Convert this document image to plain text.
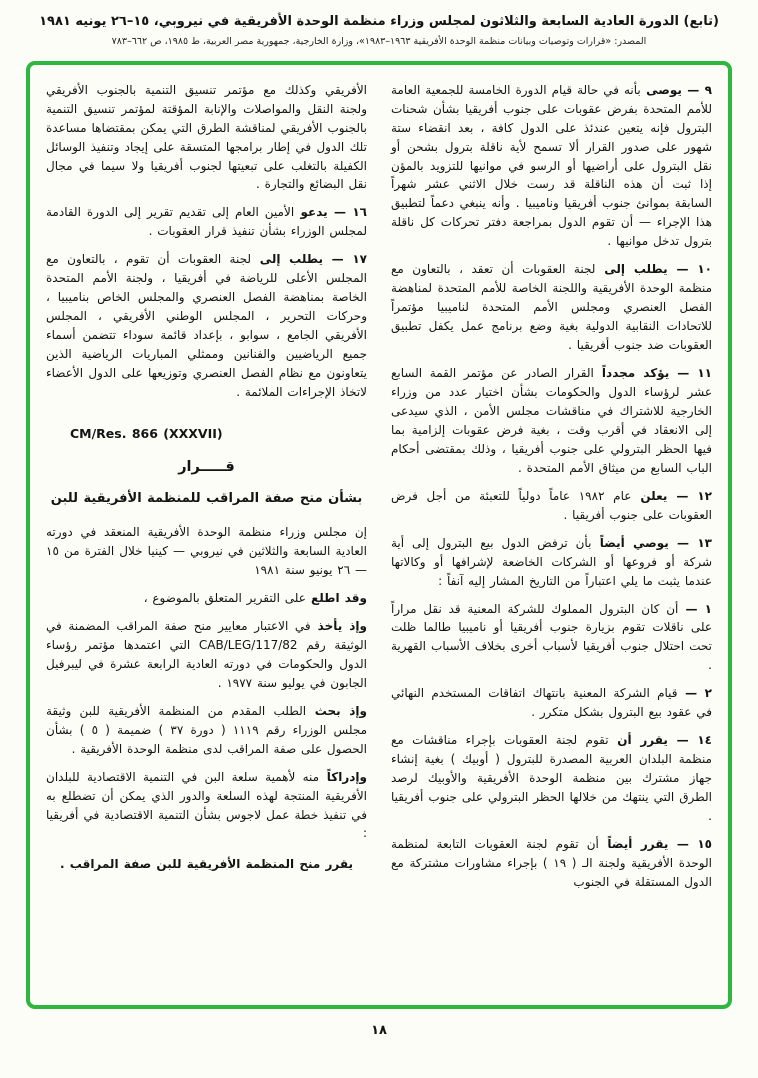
(تابع) الدورة العادية السابعة والثلاثون لمجلس وزراء منظمة الوحدة الأفريقية في نيروبي، ١٥–٢٦ يونيه ١٩٨١
المصدر: «قرارات وتوصيات وبيانات منظمة الوحدة الأفريقية ١٩٦٣–١٩٨٣»، وزارة الخارجية، جمهورية مصر العربية، ط ١٩٨٥، ص ٦٦٢–٧٨٣

٩ — يوصى بأنه في حالة قيام الدورة الخامسة للجمعية العامة للأمم المتحدة بفرض عقوبات على جنوب أفريقيا بشأن شحنات البترول فإنه يتعين عندئذ على الدول كافة ، بعد انقضاء ستة شهور على صدور القرار ألا تسمح لأية ناقلة بترول بشحن أو نقل البترول على أراضيها أو الرسو في موانيها للتزويد بالمؤن إذا ثبت أن هذه الناقلة قد رست خلال الاثني عشر شهراً السابقة بموانئ جنوب أفريقيا وناميبيا . وأنه ينبغي دعماً لتطبيق هذا الإجراء — أن تقوم الدول بمراجعة دفتر تحركات كل ناقلة بترول تدخل موانيها .

١٠ — يطلب إلى لجنة العقوبات أن تعقد ، بالتعاون مع منظمة الوحدة الأفريقية واللجنة الخاصة للأمم المتحدة لمناهضة الفصل العنصري ومجلس الأمم المتحدة لناميبيا مؤتمراً للاتحادات النقابية الدولية بغية وضع برنامج عمل يكفل تطبيق العقوبات ضد جنوب أفريقيا .

١١ — يؤكد مجدداً القرار الصادر عن مؤتمر القمة السابع عشر لرؤساء الدول والحكومات بشأن اختيار عدد من وزراء الخارجية للاشتراك في مناقشات مجلس الأمن ، الذي سيدعى إلى الانعقاد في أقرب وقت ، بغية فرض عقوبات إلزامية بما فيها الحظر البترولي على جنوب أفريقيا ، وذلك بمقتضى أحكام الباب السابع من ميثاق الأمم المتحدة .

١٢ — يعلن عام ١٩٨٢ عاماً دولياً للتعبئة من أجل فرض العقوبات على جنوب أفريقيا .

١٣ — يوصي أيضاً بأن ترفض الدول بيع البترول إلى أية شركة أو فروعها أو الشركات الخاضعة لإشرافها أو وكالاتها عندما يثبت ما يلي اعتباراً من التاريخ المشار إليه آنفاً :

١ — أن كان البترول المملوك للشركة المعنية قد نقل مراراً على ناقلات تقوم بزيارة جنوب أفريقيا أو ناميبيا طالما ظلت تحت احتلال جنوب أفريقيا لأسباب أخرى بخلاف الأسباب القهرية .

٢ — قيام الشركة المعنية بانتهاك اتفاقات المستخدم النهائي في عقود بيع البترول بشكل متكرر .

١٤ — يقرر أن تقوم لجنة العقوبات بإجراء مناقشات مع منظمة البلدان العربية المصدرة للبترول ( أوبيك ) بغية إنشاء جهاز مشترك بين منظمة الوحدة الأفريقية والأوبيك لرصد الطرق التي ينتهك من خلالها الحظر البترولي على جنوب أفريقيا .

١٥ — يقرر أيضاً أن تقوم لجنة العقوبات التابعة لمنظمة الوحدة الأفريقية ولجنة الـ ( ١٩ ) بإجراء مشاورات مشتركة مع الدول المستقلة في الجنوب

الأفريقي وكذلك مع مؤتمر تنسيق التنمية بالجنوب الأفريقي ولجنة النقل والمواصلات والإنابة المؤقتة لمؤتمر تنسيق التنمية بالجنوب الأفريقي لمناقشة الطرق التي يمكن بمقتضاها مساعدة تلك الدول في إطار برامجها المتسقة على إيجاد وتنفيذ الوسائل الكفيلة بالتغلب على تبعيتها لجنوب أفريقيا ولا سيما في مجال نقل البضائع والتجارة .

١٦ — يدعو الأمين العام إلى تقديم تقرير إلى الدورة القادمة لمجلس الوزراء بشأن تنفيذ قرار العقوبات .

١٧ — يطلب إلى لجنة العقوبات أن تقوم ، بالتعاون مع المجلس الأعلى للرياضة في أفريقيا ، ولجنة الأمم المتحدة الخاصة بمناهضة الفصل العنصري والمجلس الخاص بناميبيا ، وحركات التحرير ، المجلس الوطني الأفريقي ، المجلس الأفريقي الجامع ، سوابو ، بإعداد قائمة سوداء تتضمن أسماء جميع الرياضيين والفنانين وممثلي المباريات الرياضية الذين يتعاونون مع نظام الفصل العنصري وتوزيعها على الدول الأعضاء لاتخاذ الإجراءات الملائمة .

CM/Res. 866 (XXXVII)

قـــــرار

بشأن منح صفة المراقب للمنظمة الأفريقية للبن

إن مجلس وزراء منظمة الوحدة الأفريقية المنعقد في دورته العادية السابعة والثلاثين في نيروبي — كينيا خلال الفترة من ١٥ — ٢٦ يونيو سنة ١٩٨١

وقد اطلع على التقرير المتعلق بالموضوع ،

وإذ يأخذ في الاعتبار معايير منح صفة المراقب المضمنة في الوثيقة رقم CAB/LEG/117/82 التي اعتمدها مؤتمر رؤساء الدول والحكومات في دورته العادية الرابعة عشرة في ليبرفيل الجابون في يوليو سنة ١٩٧٧ .

وإذ بحث الطلب المقدم من المنظمة الأفريقية للبن وثيقة مجلس الوزراء رقم ١١١٩ ( دورة ٣٧ ) ضميمة ( ٥ ) بشأن الحصول على صفة المراقب لدى منظمة الوحدة الأفريقية .

وإدراكاً منه لأهمية سلعة البن في التنمية الاقتصادية للبلدان الأفريقية المنتجة لهذه السلعة والدور الذي يمكن أن تضطلع به في تنفيذ خطة عمل لاجوس بشأن التنمية الاقتصادية في أفريقيا :

يقرر منح المنظمة الأفريقية للبن صفة المراقب .

١٨
